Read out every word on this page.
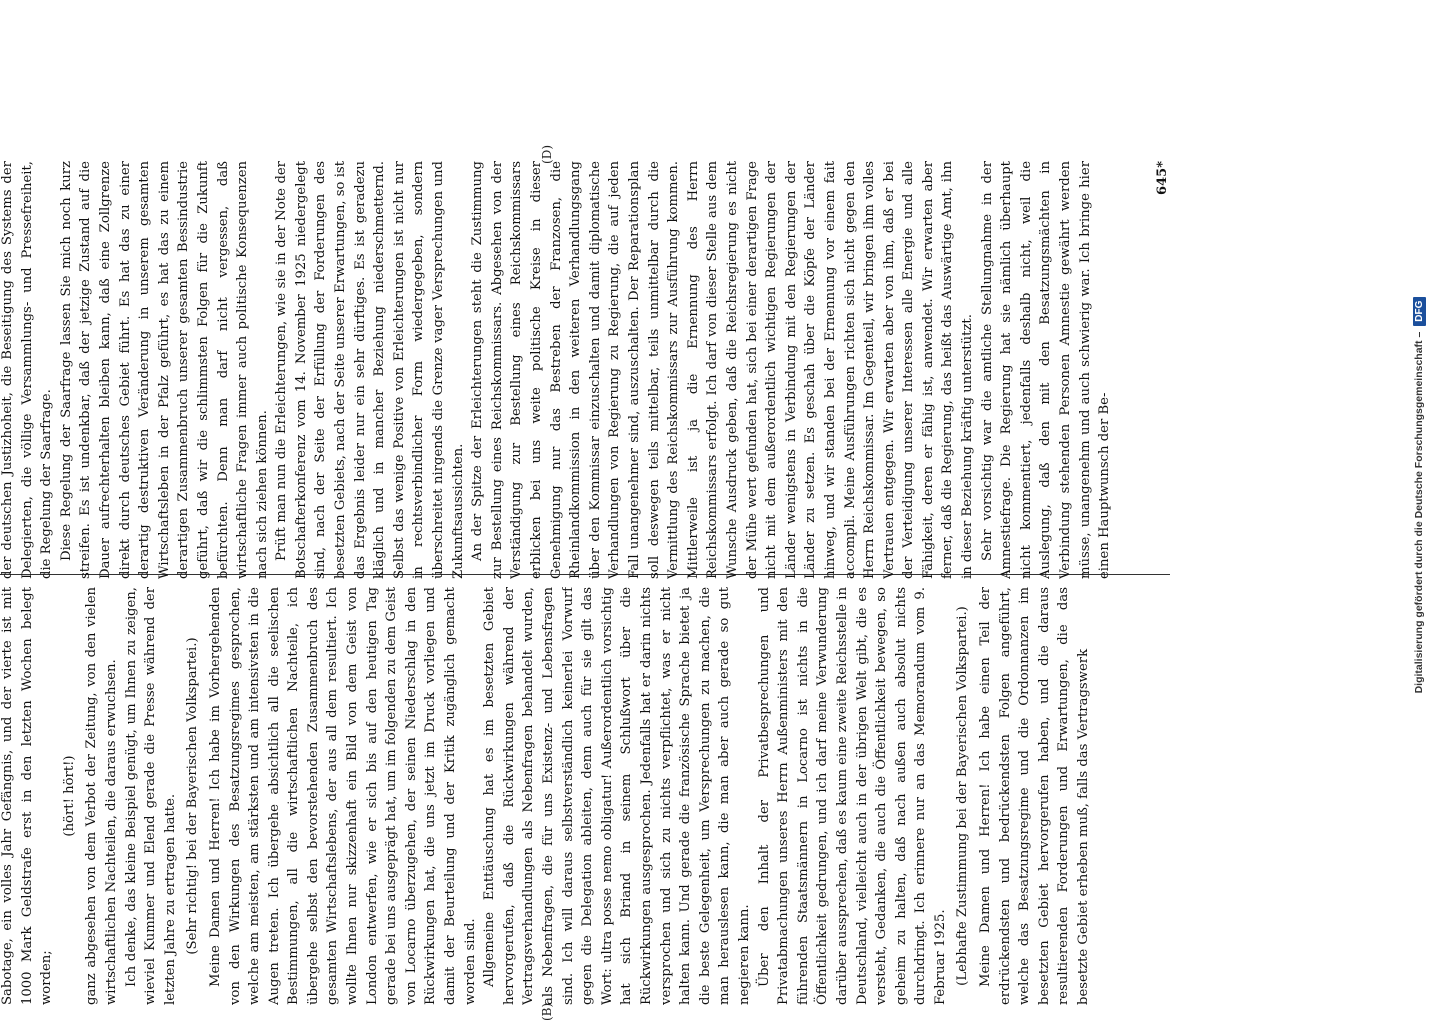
Sabotage, ein volles Jahr Gefängnis, und der vierte ist mit 1000 Mark Geldstrafe erst in den letzten Wochen belegt worden;

(hört! hört!) ganz abgesehen von dem Verbot der Zeitung, von den vielen wirtschaftlichen Nachteilen, die daraus erwuchsen. Ich denke, das kleine Beispiel genügt, um Ihnen zu zeigen, wieviel Kummer und Elend gerade die Presse während der letzten Jahre zu ertragen hatte. (Sehr richtig! bei der Bayerischen Volkspartei.) Meine Damen und Herren! Ich habe im Vorhergehenden von den Wirkungen des Besatzungsregimes gesprochen, welche am meisten, am stärksten und am intensivsten in die Augen treten. Ich übergehe absichtlich all die seelischen Bestimmungen, all die wirtschaftlichen Nachteile, ich übergehe selbst den bevorstehenden Zusammenbruch des gesamten Wirtschaftslebens, der aus all dem resultiert. Ich wollte Ihnen nur skizzenhaft ein Bild von dem Geist von London entwerfen, wie er sich bis auf den heutigen Tag gerade bei uns ausgeprägt hat, um im folgenden zu dem Geist von Locarno überzugehen, der seinen Niederschlag in den Rückwirkungen hat, die uns jetzt im Druck vorliegen und damit der Beurteilung und der Kritik zugänglich gemacht worden sind. Allgemeine Enttäuschung hat es im besetzten Gebiet hervorgerufen, daß die Rückwirkungen während der Vertragsverhandlungen als Nebenfragen behandelt wurden, als Nebenfragen, die für uns Existenz- und Lebensfragen sind. Ich will daraus selbstverständlich keinerlei Vorwurf gegen die Delegation ableiten, denn auch für sie gilt das Wort: ultra posse nemo obligatur! Außerordentlich vorsichtig hat sich Briand in seinem Schlußwort über die Rückwirkungen ausgesprochen. Jedenfalls hat er darin nichts versprochen und sich zu nichts verpflichtet, was er nicht halten kann. Und gerade die französische Sprache bietet ja die beste Gelegenheit, um Versprechungen zu machen, die man herauslesen kann, die man aber auch gerade so gut negieren kann. Über den Inhalt der Privatbesprechungen und Privatabmachungen unseres Herrn Außenministers mit den führenden Staatsmännern in Locarno ist nichts in die Öffentlichkeit gedrungen, und ich darf meine Verwunderung darüber aussprechen, daß es kaum eine zweite Reichsstelle in Deutschland, vielleicht auch in der übrigen Welt gibt, die es versteht, Gedanken, die auch die Öffentlichkeit bewegen, so geheim zu halten, daß nach außen auch absolut nichts durchdringt. Ich erinnere nur an das Memorandum vom 9. Februar 1925. (Lebhafte Zustimmung bei der Bayerischen Volkspartei.) Meine Damen und Herren! Ich habe einen Teil der erdrückendsten und bedrückendsten Folgen angeführt, welche das Besatzungsregime und die Ordonnanzen im besetzten Gebiet hervorgerufen haben, und die daraus resultierenden Forderungen und Erwartungen, die das besetzte Gebiet erheben muß, falls das Vertragswerk

der deutschen Justizhoheit, die Beseitigung des Systems der Delegierten, die völlige Versammlungs- und Pressefreiheit, die Regelung der Saarfrage. Diese Regelung der Saarfrage lassen Sie mich noch kurz streifen. Es ist undenkbar, daß der jetzige Zustand auf die Dauer aufrechterhalten bleiben kann, daß eine Zollgrenze direkt durch deutsches Gebiet führt. Es hat das zu einer derartig destruktiven Veränderung in unserem gesamten Wirtschaftsleben in der Pfalz geführt, es hat das zu einem derartigen Zusammenbruch unserer gesamten Bessindustrie geführt, daß wir die schlimmsten Folgen für die Zukunft befürchten. Denn man darf nicht vergessen, daß wirtschaftliche Fragen immer auch politische Konsequenzen nach sich ziehen können. Prüft man nun die Erleichterungen, wie sie in der Note der Botschafterkonferenz vom 14. November 1925 niedergelegt sind, nach der Seite der Erfüllung der Forderungen des besetzten Gebiets, nach der Seite unserer Erwartungen, so ist das Ergebnis leider nur ein sehr dürftiges. Es ist geradezu kläglich und in mancher Beziehung niederschmetternd. Selbst das wenige Positive von Erleichterungen ist nicht nur in rechtsverbindlicher Form wiedergegeben, sondern überschreitet nirgends die Grenze vager Versprechungen und Zukunftsaussichten. An der Spitze der Erleichterungen steht die Zustimmung zur Bestellung eines Reichskommissars. Abgesehen von der Verständigung zur Bestellung eines Reichskommissars erblicken bei uns weite politische Kreise in dieser Genehmigung nur das Bestreben der Franzosen, die Rheinlandkommission in den weiteren Verhandlungsgang über den Kommissar einzuschalten und damit diplomatische Verhandlungen von Regierung zu Regierung, die auf jeden Fall unangenehmer sind, auszuschalten. Der Reparationsplan soll deswegen teils mittelbar, teils unmittelbar durch die Vermittlung des Reichskommissars zur Ausführung kommen. Mittlerweile ist ja die Ernennung des Herrn Reichskommissars erfolgt. Ich darf von dieser Stelle aus dem Wunsche Ausdruck geben, daß die Reichsregierung es nicht der Mühe wert gefunden hat, sich bei einer derartigen Frage nicht mit dem außerordentlich wichtigen Regierungen der Länder wenigstens in Verbindung mit den Regierungen der Länder zu setzen. Es geschah über die Köpfe der Länder hinweg, und wir standen bei der Ernennung vor einem fait accompli. Meine Ausführungen richten sich nicht gegen den Herrn Reichskommissar. Im Gegenteil, wir bringen ihm volles Vertrauen entgegen. Wir erwarten aber von ihm, daß er bei der Verteidigung unserer Interessen alle Energie und alle Fähigkeit, deren er fähig ist, anwendet. Wir erwarten aber ferner, daß die Regierung, das heißt das Auswärtige Amt, ihn in dieser Beziehung kräftig unterstützt. Sehr vorsichtig war die amtliche Stellungnahme in der Amnestiefrage. Die Regierung hat sie nämlich überhaupt nicht kommentiert, jedenfalls deshalb nicht, weil die Auslegung, daß den mit den Besatzungsmächten in Verbindung stehenden Personen Amnestie gewährt werden müsse, unangenehm und auch schwierig war. Ich bringe hier einen Hauptwunsch der Be-

(B)
(D)
645*
Digitalisierung gefördert durch die Deutsche Forschungsgemeinschaft –
DFG
